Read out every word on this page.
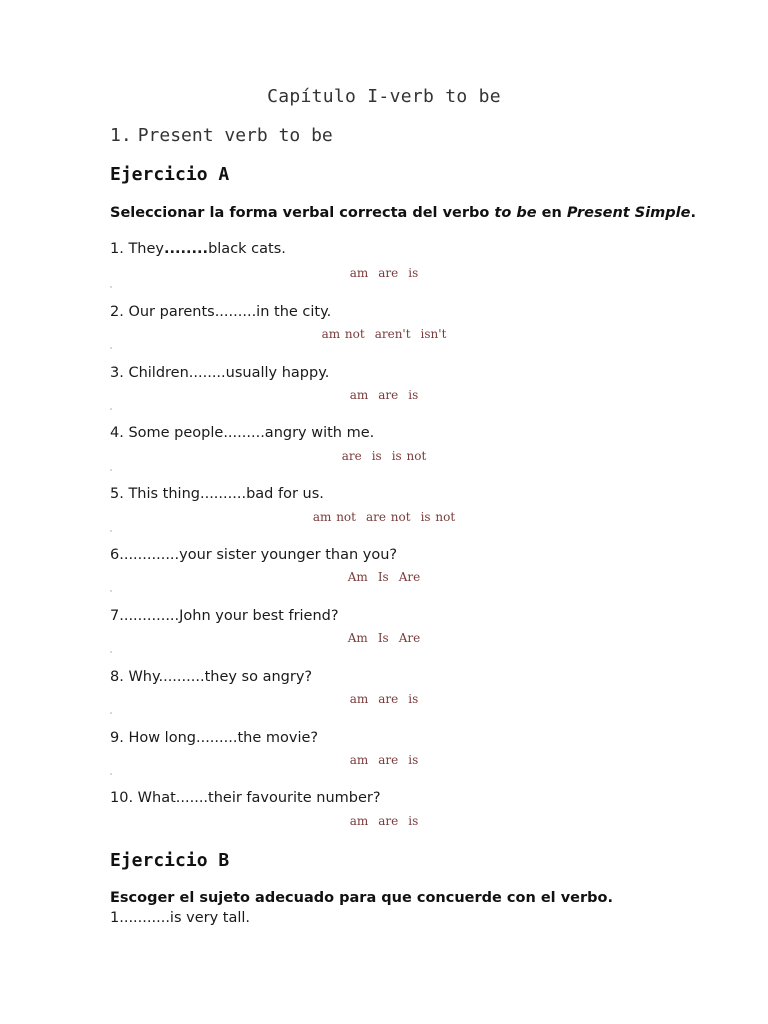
Capítulo I-verb to be
1. Present verb to be
Ejercicio A
Seleccionar la forma verbal correcta del verbo to be en Present Simple.
1. They........black cats.
am are is
2. Our parents.........in the city.
am not aren't isn't
3. Children........usually happy.
am are is
4. Some people.........angry with me.
are is is not
5. This thing..........bad for us.
am not are not is not
6.............your sister younger than you?
Am Is Are
7.............John your best friend?
Am Is Are
8. Why..........they so angry?
am are is
9. How long.........the movie?
am are is
10. What.......their favourite number?
am are is
Ejercicio B
Escoger el sujeto adecuado para que concuerde con el verbo.
1...........is very tall.
